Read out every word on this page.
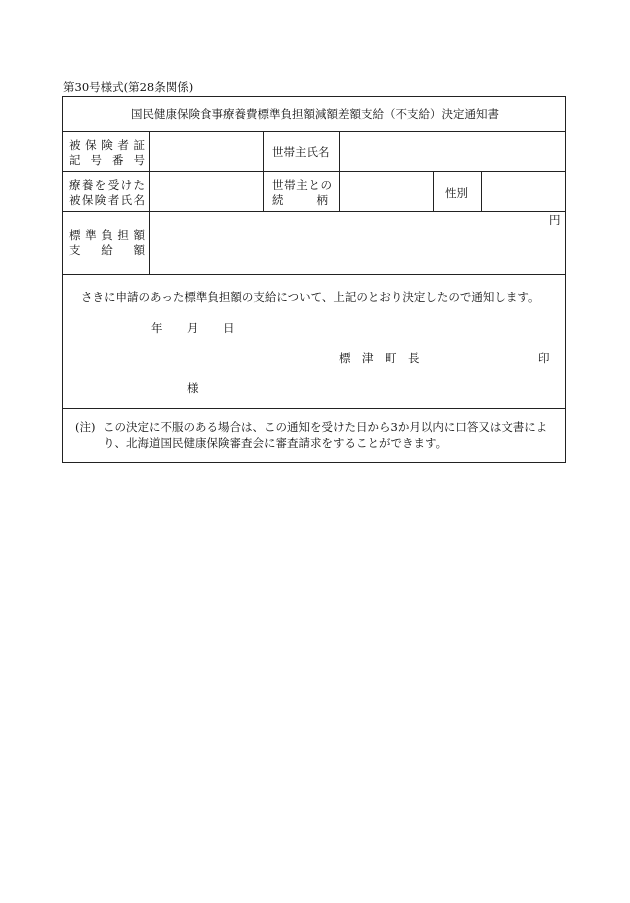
第30号様式(第28条関係)
国民健康保険食事療養費標準負担額減額差額支給（不支給）決定通知書
被保険者証
記号番号
世帯主氏名
療養を受けた
被保険者氏名
世帯主との
続柄	性別
標準負担額
支給額
円
さきに申請のあった標準負担額の支給について、上記のとおり決定したので通知します。
年 月 日
標　津　町　長	印
様
(注) この決定に不服のある場合は、この通知を受けた日から3か月以内に口答又は文書により、北海道国民健康保険審査会に審査請求をすることができます。
